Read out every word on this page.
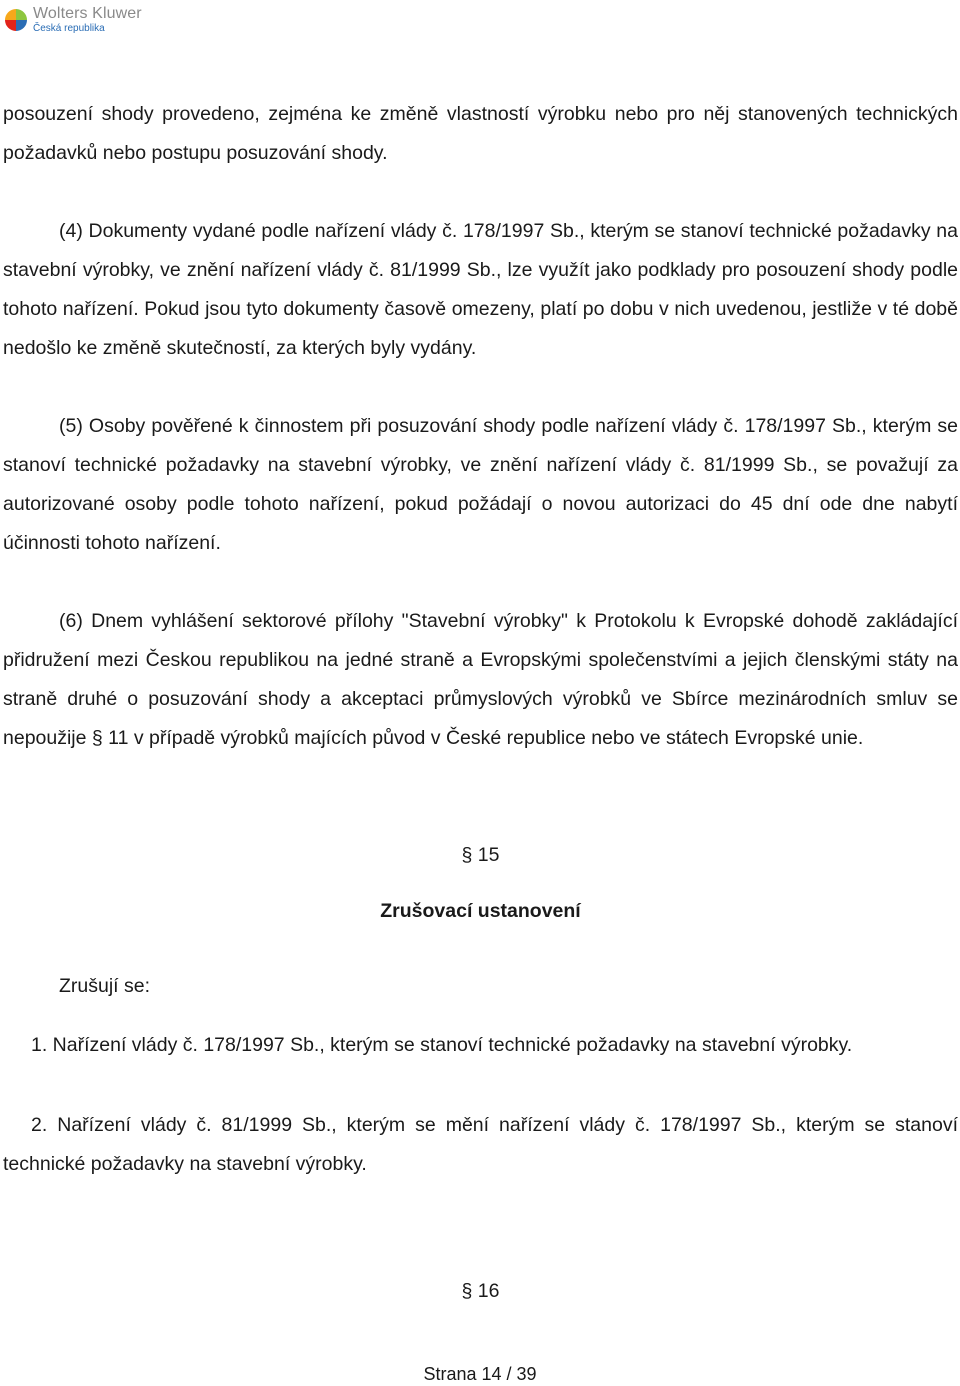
Wolters Kluwer
Česká republika

posouzení shody provedeno, zejména ke změně vlastností výrobku nebo pro něj stanovených technických požadavků nebo postupu posuzování shody.

(4) Dokumenty vydané podle nařízení vlády č. 178/1997 Sb., kterým se stanoví technické požadavky na stavební výrobky, ve znění nařízení vlády č. 81/1999 Sb., lze využít jako podklady pro posouzení shody podle tohoto nařízení. Pokud jsou tyto dokumenty časově omezeny, platí po dobu v nich uvedenou, jestliže v té době nedošlo ke změně skutečností, za kterých byly vydány.

(5) Osoby pověřené k činnostem při posuzování shody podle nařízení vlády č. 178/1997 Sb., kterým se stanoví technické požadavky na stavební výrobky, ve znění nařízení vlády č. 81/1999 Sb., se považují za autorizované osoby podle tohoto nařízení, pokud požádají o novou autorizaci do 45 dní ode dne nabytí účinnosti tohoto nařízení.

(6) Dnem vyhlášení sektorové přílohy "Stavební výrobky" k Protokolu k Evropské dohodě zakládající přidružení mezi Českou republikou na jedné straně a Evropskými společenstvími a jejich členskými státy na straně druhé o posuzování shody a akceptaci průmyslových výrobků ve Sbírce mezinárodních smluv se nepoužije § 11 v případě výrobků majících původ v České republice nebo ve státech Evropské unie.

§ 15

Zrušovací ustanovení

Zrušují se:

1. Nařízení vlády č. 178/1997 Sb., kterým se stanoví technické požadavky na stavební výrobky.

2. Nařízení vlády č. 81/1999 Sb., kterým se mění nařízení vlády č. 178/1997 Sb., kterým se stanoví technické požadavky na stavební výrobky.

§ 16

Strana 14 / 39
